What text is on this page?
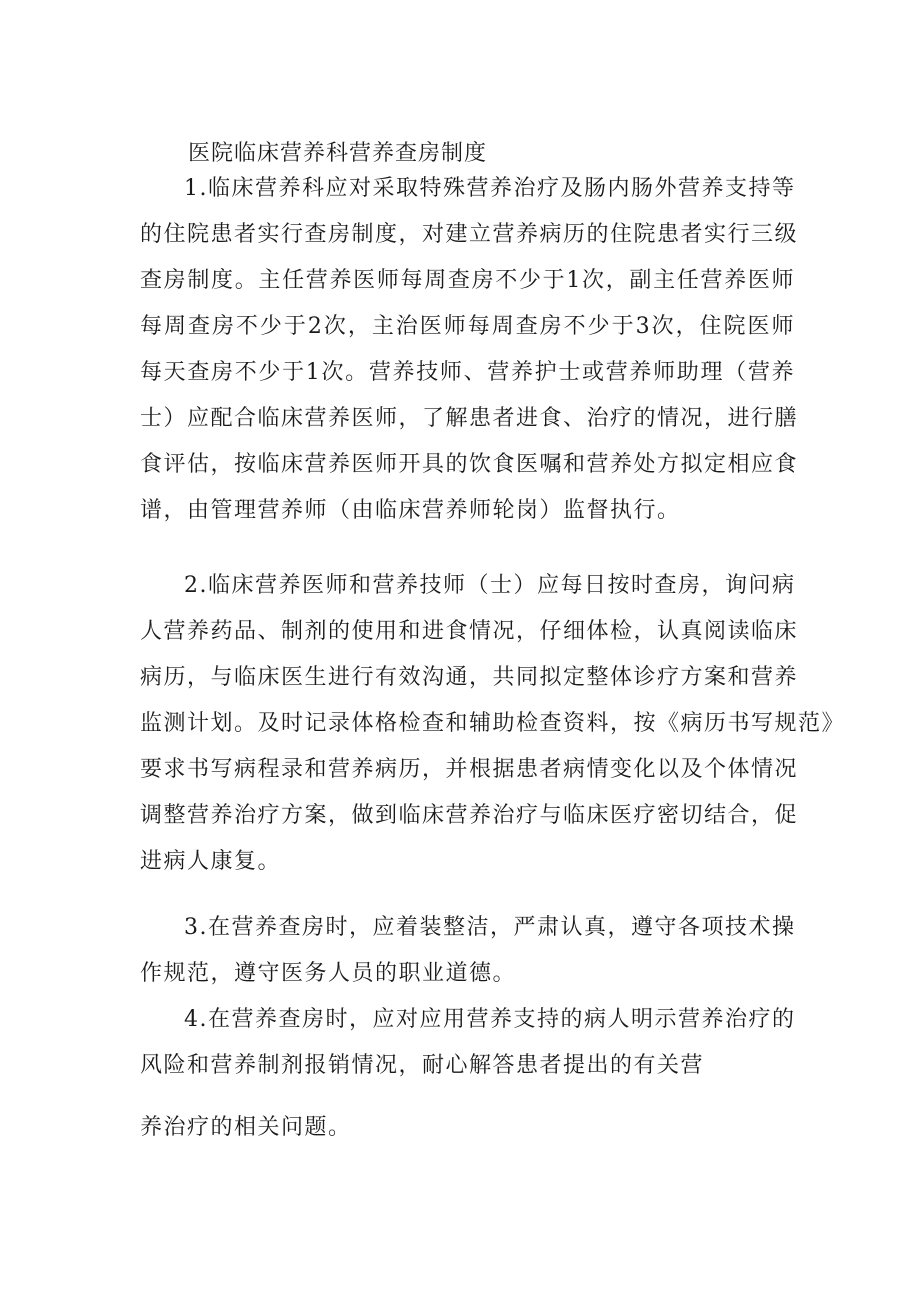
医院临床营养科营养查房制度
1.临床营养科应对采取特殊营养治疗及肠内肠外营养支持等
的住院患者实行查房制度，对建立营养病历的住院患者实行三级
查房制度。主任营养医师每周查房不少于1次，副主任营养医师
每周查房不少于2次，主治医师每周查房不少于3次，住院医师
每天查房不少于1次。营养技师、营养护士或营养师助理（营养
士）应配合临床营养医师，了解患者进食、治疗的情况，进行膳
食评估，按临床营养医师开具的饮食医嘱和营养处方拟定相应食
谱，由管理营养师（由临床营养师轮岗）监督执行。
2.临床营养医师和营养技师（士）应每日按时查房，询问病
人营养药品、制剂的使用和进食情况，仔细体检，认真阅读临床
病历，与临床医生进行有效沟通，共同拟定整体诊疗方案和营养
监测计划。及时记录体格检查和辅助检查资料，按《病历书写规范》
要求书写病程录和营养病历，并根据患者病情变化以及个体情况
调整营养治疗方案，做到临床营养治疗与临床医疗密切结合，促
进病人康复。
3.在营养查房时，应着装整洁，严肃认真，遵守各项技术操
作规范，遵守医务人员的职业道德。
4.在营养查房时，应对应用营养支持的病人明示营养治疗的
风险和营养制剂报销情况，耐心解答患者提出的有关营
养治疗的相关问题。
